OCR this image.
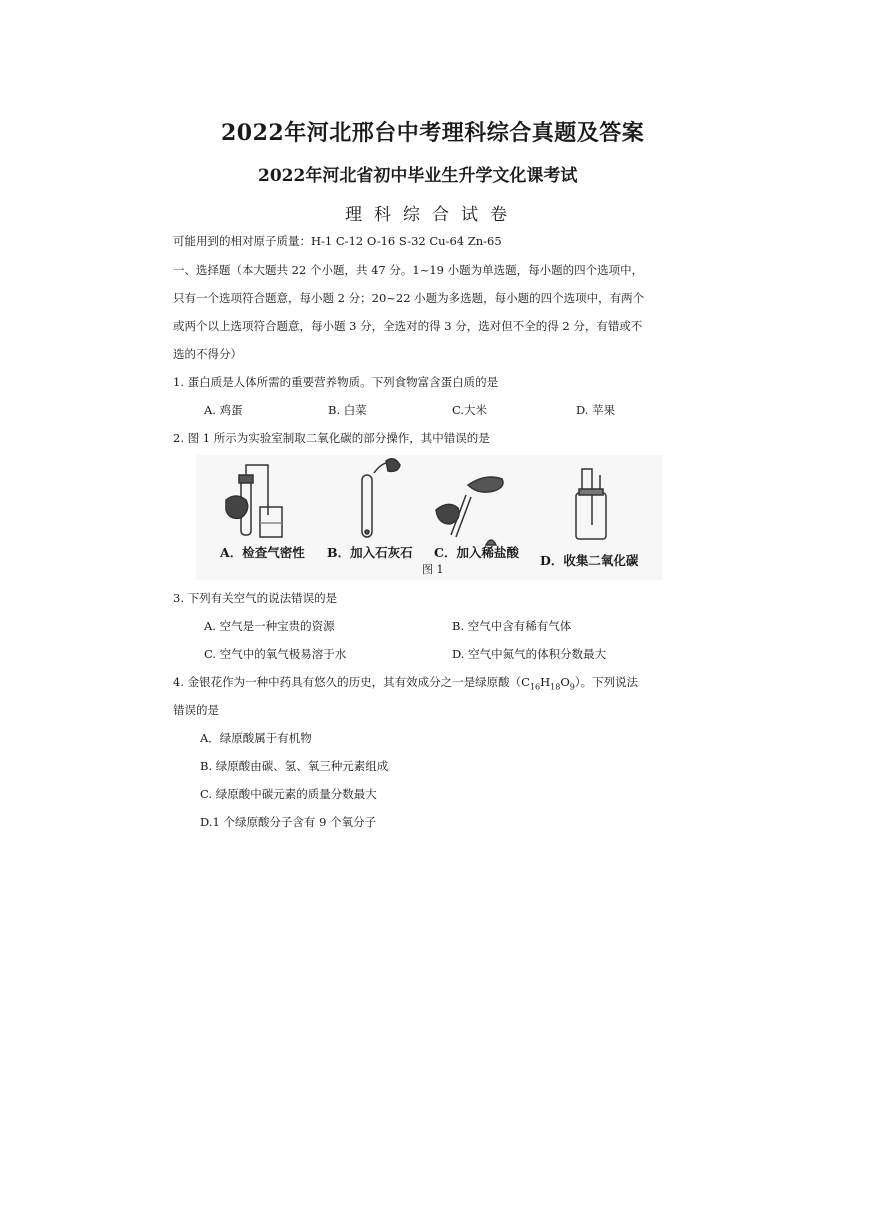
2022年河北邢台中考理科综合真题及答案
2022年河北省初中毕业生升学文化课考试
理科综合试卷
可能用到的相对原子质量：H-1 C-12 O-16 S-32 Cu-64 Zn-65
一、选择题（本大题共 22 个小题，共 47 分。1~19 小题为单选题，每小题的四个选项中，
只有一个选项符合题意，每小题 2 分；20~22 小题为多选题，每小题的四个选项中，有两个
或两个以上选项符合题意，每小题 3 分，全选对的得 3 分，选对但不全的得 2 分，有错或不
选的不得分）
1. 蛋白质是人体所需的重要营养物质。下列食物富含蛋白质的是
A. 鸡蛋	B. 白菜	C.大米	D. 苹果
2. 图 1 所示为实验室制取二氧化碳的部分操作，其中错误的是
A．检查气密性 B．加入石灰石 C．加入稀盐酸
D．收集二氧化碳
图 1
3. 下列有关空气的说法错误的是
A. 空气是一种宝贵的资源	B. 空气中含有稀有气体
C. 空气中的氧气极易溶于水	D. 空气中氮气的体积分数最大
4. 金银花作为一种中药具有悠久的历史，其有效成分之一是绿原酸$(C_{16}H_{18}O_9)$。下列说法
错误的是
A．绿原酸属于有机物
B. 绿原酸由碳、氢、氧三种元素组成
C. 绿原酸中碳元素的质量分数最大
D.1 个绿原酸分子含有 9 个氧分子
